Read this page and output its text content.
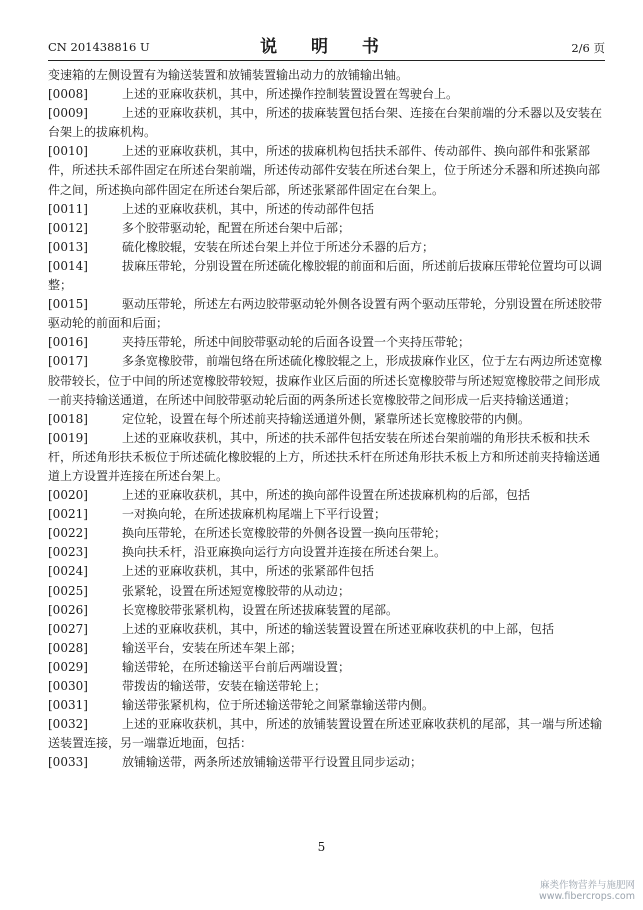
CN 201438816 U	说 明 书	2/6 页

变速箱的左侧设置有为输送装置和放铺装置输出动力的放铺输出轴。

[0008]	上述的亚麻收获机，其中，所述操作控制装置设置在驾驶台上。

[0009]	上述的亚麻收获机，其中，所述的拔麻装置包括台架、连接在台架前端的分禾器以及安装在台架上的拔麻机构。

[0010]	上述的亚麻收获机，其中，所述的拔麻机构包括扶禾部件、传动部件、换向部件和张紧部件，所述扶禾部件固定在所述台架前端，所述传动部件安装在所述台架上，位于所述分禾器和所述换向部件之间，所述换向部件固定在所述台架后部，所述张紧部件固定在台架上。

[0011]	上述的亚麻收获机，其中，所述的传动部件包括

[0012]	多个胶带驱动轮，配置在所述台架中后部；

[0013]	硫化橡胶辊，安装在所述台架上并位于所述分禾器的后方；

[0014]	拔麻压带轮，分别设置在所述硫化橡胶辊的前面和后面，所述前后拔麻压带轮位置均可以调整；

[0015]	驱动压带轮，所述左右两边胶带驱动轮外侧各设置有两个驱动压带轮，分别设置在所述胶带驱动轮的前面和后面；

[0016]	夹持压带轮，所述中间胶带驱动轮的后面各设置一个夹持压带轮；

[0017]	多条宽橡胶带，前端包络在所述硫化橡胶辊之上，形成拔麻作业区，位于左右两边所述宽橡胶带较长，位于中间的所述宽橡胶带较短，拔麻作业区后面的所述长宽橡胶带与所述短宽橡胶带之间形成一前夹持输送通道，在所述中间胶带驱动轮后面的两条所述长宽橡胶带之间形成一后夹持输送通道；

[0018]	定位轮，设置在每个所述前夹持输送通道外侧，紧靠所述长宽橡胶带的内侧。

[0019]	上述的亚麻收获机，其中，所述的扶禾部件包括安装在所述台架前端的角形扶禾板和扶禾杆，所述角形扶禾板位于所述硫化橡胶辊的上方，所述扶禾杆在所述角形扶禾板上方和所述前夹持输送通道上方设置并连接在所述台架上。

[0020]	上述的亚麻收获机，其中，所述的换向部件设置在所述拔麻机构的后部，包括

[0021]	一对换向轮，在所述拔麻机构尾端上下平行设置；

[0022]	换向压带轮，在所述长宽橡胶带的外侧各设置一换向压带轮；

[0023]	换向扶禾杆，沿亚麻换向运行方向设置并连接在所述台架上。

[0024]	上述的亚麻收获机，其中，所述的张紧部件包括

[0025]	张紧轮，设置在所述短宽橡胶带的从动边；

[0026]	长宽橡胶带张紧机构，设置在所述拔麻装置的尾部。

[0027]	上述的亚麻收获机，其中，所述的输送装置设置在所述亚麻收获机的中上部，包括

[0028]	输送平台，安装在所述车架上部；

[0029]	输送带轮，在所述输送平台前后两端设置；

[0030]	带拨齿的输送带，安装在输送带轮上；

[0031]	输送带张紧机构，位于所述输送带轮之间紧靠输送带内侧。

[0032]	上述的亚麻收获机，其中，所述的放铺装置设置在所述亚麻收获机的尾部，其一端与所述输送装置连接，另一端靠近地面，包括：

[0033]	放铺输送带，两条所述放铺输送带平行设置且同步运动；

5
麻类作物营养与施肥网
www.fibercrops.com
